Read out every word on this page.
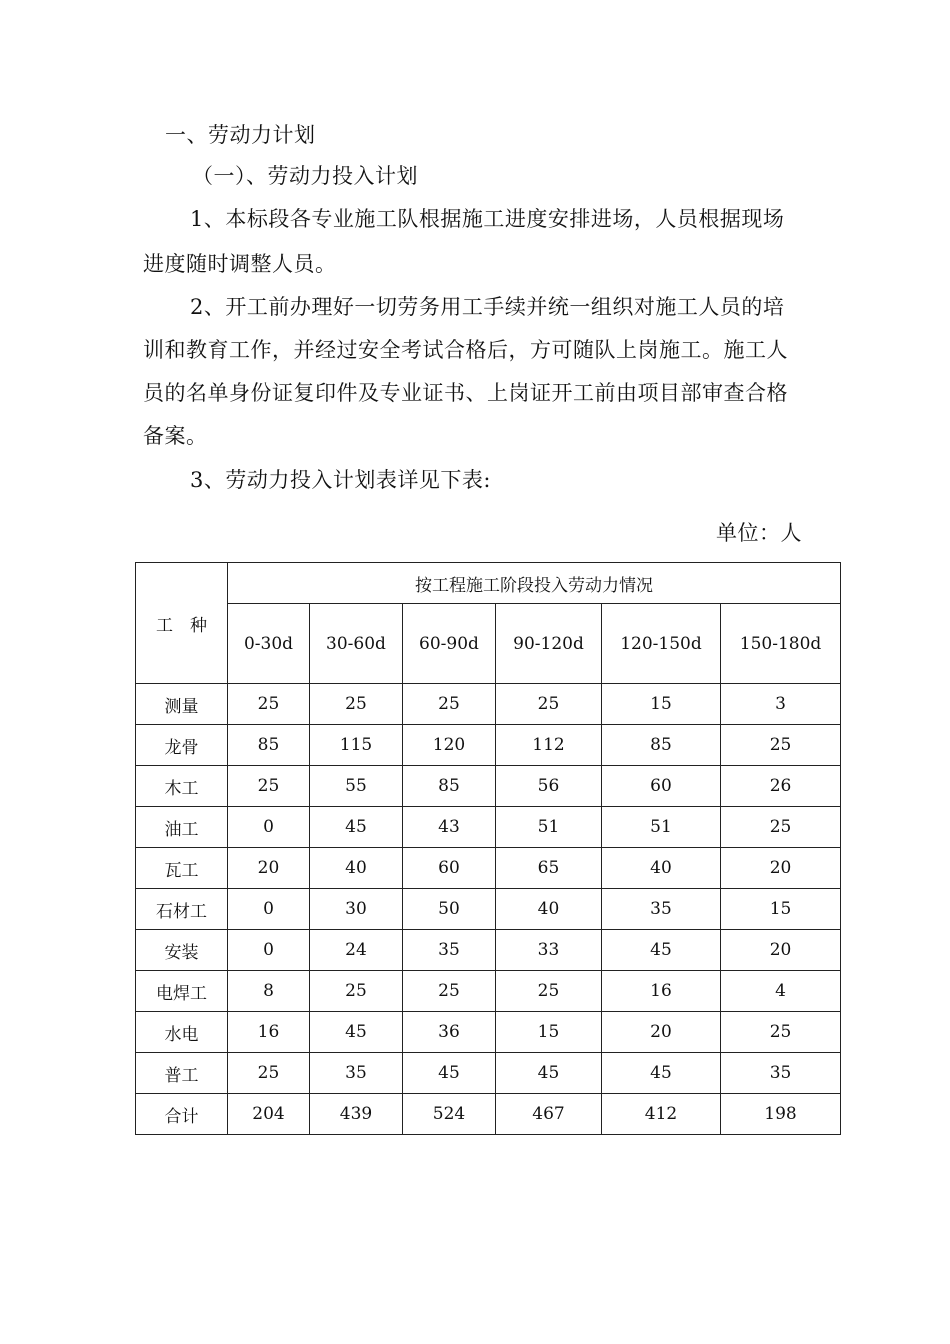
一、劳动力计划
（一）、劳动力投入计划
1、本标段各专业施工队根据施工进度安排进场，人员根据现场
进度随时调整人员。
2、开工前办理好一切劳务用工手续并统一组织对施工人员的培
训和教育工作，并经过安全考试合格后，方可随队上岗施工。施工人
员的名单身份证复印件及专业证书、上岗证开工前由项目部审查合格
备案。
3、劳动力投入计划表详见下表:
单位：人
工　种	按工程施工阶段投入劳动力情况					
	0-30d	30-60d	60-90d	90-120d	120-150d	150-180d
测量	25	25	25	25	15	3
龙骨	85	115	120	112	85	25
木工	25	55	85	56	60	26
油工	0	45	43	51	51	25
瓦工	20	40	60	65	40	20
石材工	0	30	50	40	35	15
安装	0	24	35	33	45	20
电焊工	8	25	25	25	16	4
水电	16	45	36	15	20	25
普工	25	35	45	45	45	35
合计	204	439	524	467	412	198
